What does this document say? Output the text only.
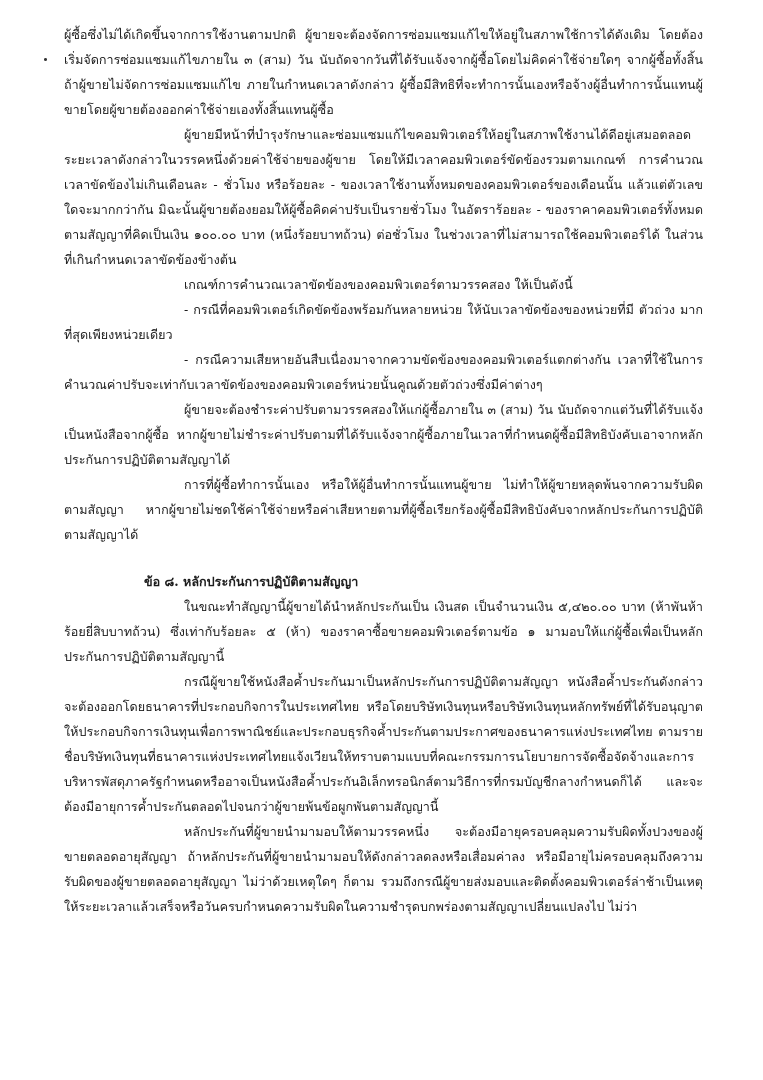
ผู้ซื้อซึ่งไม่ได้เกิดขึ้นจากการใช้งานตามปกติ ผู้ขายจะต้องจัดการซ่อมแซมแก้ไขให้อยู่ในสภาพใช้การได้ดังเดิม โดยต้องเริ่มจัดการซ่อมแซมแก้ไขภายใน ๓ (สาม) วัน นับถัดจากวันที่ได้รับแจ้งจากผู้ซื้อโดยไม่คิดค่าใช้จ่ายใดๆ จากผู้ซื้อทั้งสิ้น ถ้าผู้ขายไม่จัดการซ่อมแซมแก้ไข ภายในกำหนดเวลาดังกล่าว ผู้ซื้อมีสิทธิที่จะทำการนั้นเองหรือจ้างผู้อื่นทำการนั้นแทนผู้ขายโดยผู้ขายต้องออกค่าใช้จ่ายเองทั้งสิ้นแทนผู้ซื้อ

ผู้ขายมีหน้าที่บำรุงรักษาและซ่อมแซมแก้ไขคอมพิวเตอร์ให้อยู่ในสภาพใช้งานได้ดีอยู่เสมอตลอดระยะเวลาดังกล่าวในวรรคหนึ่งด้วยค่าใช้จ่ายของผู้ขาย โดยให้มีเวลาคอมพิวเตอร์ขัดข้องรวมตามเกณฑ์ การคำนวณเวลาขัดข้องไม่เกินเดือนละ - ชั่วโมง หรือร้อยละ - ของเวลาใช้งานทั้งหมดของคอมพิวเตอร์ของเดือนนั้น แล้วแต่ตัวเลขใดจะมากกว่ากัน มิฉะนั้นผู้ขายต้องยอมให้ผู้ซื้อคิดค่าปรับเป็นรายชั่วโมง ในอัตราร้อยละ - ของราคาคอมพิวเตอร์ทั้งหมดตามสัญญาที่คิดเป็นเงิน ๑๐๐.๐๐ บาท (หนึ่งร้อยบาทถ้วน) ต่อชั่วโมง ในช่วงเวลาที่ไม่สามารถใช้คอมพิวเตอร์ได้ ในส่วนที่เกินกำหนดเวลาขัดข้องข้างต้น

เกณฑ์การคำนวณเวลาขัดข้องของคอมพิวเตอร์ตามวรรคสอง ให้เป็นดังนี้

- กรณีที่คอมพิวเตอร์เกิดขัดข้องพร้อมกันหลายหน่วย ให้นับเวลาขัดข้องของหน่วยที่มี ตัวถ่วง มากที่สุดเพียงหน่วยเดียว

- กรณีความเสียหายอันสืบเนื่องมาจากความขัดข้องของคอมพิวเตอร์แตกต่างกัน เวลาที่ใช้ในการคำนวณค่าปรับจะเท่ากับเวลาขัดข้องของคอมพิวเตอร์หน่วยนั้นคูณด้วยตัวถ่วงซึ่งมีค่าต่างๆ

ผู้ขายจะต้องชำระค่าปรับตามวรรคสองให้แก่ผู้ซื้อภายใน ๓ (สาม) วัน นับถัดจากแต่วันที่ได้รับแจ้งเป็นหนังสือจากผู้ซื้อ หากผู้ขายไม่ชำระค่าปรับตามที่ได้รับแจ้งจากผู้ซื้อภายในเวลาที่กำหนดผู้ซื้อมีสิทธิบังคับเอาจากหลักประกันการปฏิบัติตามสัญญาได้

การที่ผู้ซื้อทำการนั้นเอง หรือให้ผู้อื่นทำการนั้นแทนผู้ขาย ไม่ทำให้ผู้ขายหลุดพ้นจากความรับผิดตามสัญญา หากผู้ขายไม่ชดใช้ค่าใช้จ่ายหรือค่าเสียหายตามที่ผู้ซื้อเรียกร้องผู้ซื้อมีสิทธิบังคับจากหลักประกันการปฏิบัติตามสัญญาได้

ข้อ ๘. หลักประกันการปฏิบัติตามสัญญา

ในขณะทำสัญญานี้ผู้ขายได้นำหลักประกันเป็น เงินสด เป็นจำนวนเงิน ๕,๔๒๐.๐๐ บาท (ห้าพันห้าร้อยยี่สิบบาทถ้วน) ซึ่งเท่ากับร้อยละ ๕ (ห้า) ของราคาซื้อขายคอมพิวเตอร์ตามข้อ ๑ มามอบให้แก่ผู้ซื้อเพื่อเป็นหลักประกันการปฏิบัติตามสัญญานี้

กรณีผู้ขายใช้หนังสือค้ำประกันมาเป็นหลักประกันการปฏิบัติตามสัญญา หนังสือค้ำประกันดังกล่าวจะต้องออกโดยธนาคารที่ประกอบกิจการในประเทศไทย หรือโดยบริษัทเงินทุนหรือบริษัทเงินทุนหลักทรัพย์ที่ได้รับอนุญาตให้ประกอบกิจการเงินทุนเพื่อการพาณิชย์และประกอบธุรกิจค้ำประกันตามประกาศของธนาคารแห่งประเทศไทย ตามรายชื่อบริษัทเงินทุนที่ธนาคารแห่งประเทศไทยแจ้งเวียนให้ทราบตามแบบที่คณะกรรมการนโยบายการจัดซื้อจัดจ้างและการบริหารพัสดุภาครัฐกำหนดหรืออาจเป็นหนังสือค้ำประกันอิเล็กทรอนิกส์ตามวิธีการที่กรมบัญชีกลางกำหนดก็ได้ และจะต้องมีอายุการค้ำประกันตลอดไปจนกว่าผู้ขายพ้นข้อผูกพันตามสัญญานี้

หลักประกันที่ผู้ขายนำมามอบให้ตามวรรคหนึ่ง จะต้องมีอายุครอบคลุมความรับผิดทั้งปวงของผู้ขายตลอดอายุสัญญา ถ้าหลักประกันที่ผู้ขายนำมามอบให้ดังกล่าวลดลงหรือเสื่อมค่าลง หรือมีอายุไม่ครอบคลุมถึงความรับผิดของผู้ขายตลอดอายุสัญญา ไม่ว่าด้วยเหตุใดๆ ก็ตาม รวมถึงกรณีผู้ขายส่งมอบและติดตั้งคอมพิวเตอร์ล่าช้าเป็นเหตุให้ระยะเวลาแล้วเสร็จหรือวันครบกำหนดความรับผิดในความชำรุดบกพร่องตามสัญญาเปลี่ยนแปลงไป ไม่ว่า
